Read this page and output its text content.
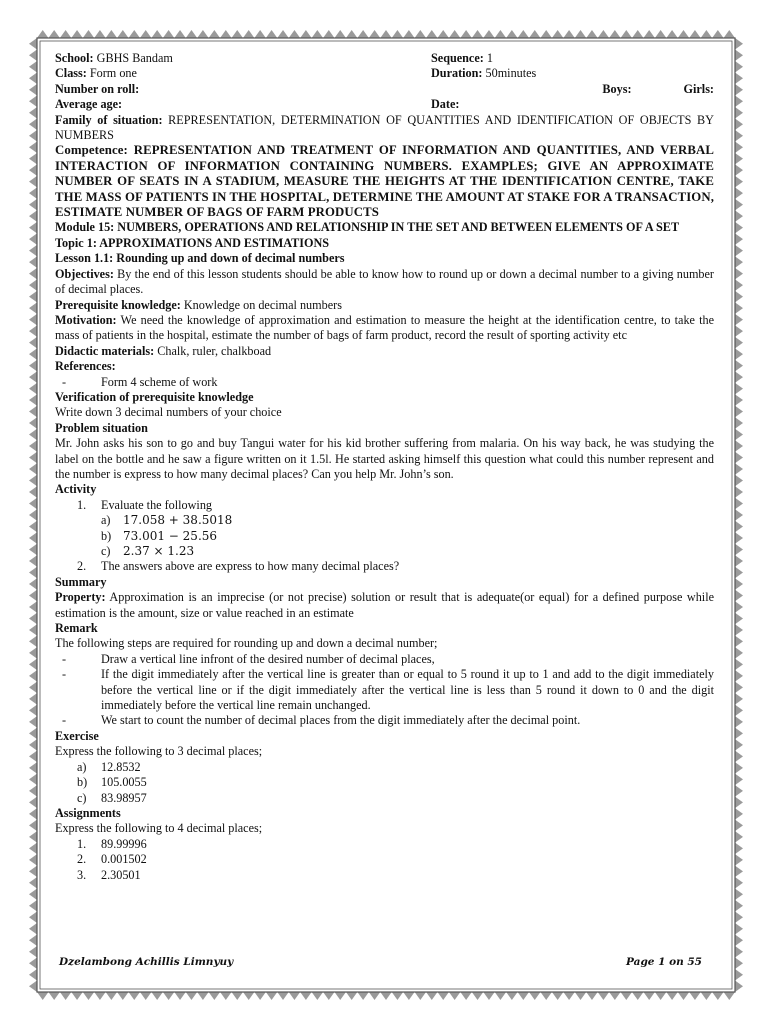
School: GBHS Bandam	Sequence: 1
Class: Form one	Duration: 50minutes
Number on roll:	Boys:	Girls:
Average age:	Date:

Family of situation: REPRESENTATION, DETERMINATION OF QUANTITIES AND IDENTIFICATION OF OBJECTS BY NUMBERS

Competence: REPRESENTATION AND TREATMENT OF INFORMATION AND QUANTITIES, AND VERBAL INTERACTION OF INFORMATION CONTAINING NUMBERS. EXAMPLES; GIVE AN APPROXIMATE NUMBER OF SEATS IN A STADIUM, MEASURE THE HEIGHTS AT THE IDENTIFICATION CENTRE, TAKE THE MASS OF PATIENTS IN THE HOSPITAL, DETERMINE THE AMOUNT AT STAKE FOR A TRANSACTION, ESTIMATE NUMBER OF BAGS OF FARM PRODUCTS

Module 15: NUMBERS, OPERATIONS AND RELATIONSHIP IN THE SET AND BETWEEN ELEMENTS OF A SET

Topic 1: APPROXIMATIONS AND ESTIMATIONS

Lesson 1.1: Rounding up and down of decimal numbers

Objectives: By the end of this lesson students should be able to know how to round up or down a decimal number to a giving number of decimal places.

Prerequisite knowledge: Knowledge on decimal numbers

Motivation: We need the knowledge of approximation and estimation to measure the height at the identification centre, to take the mass of patients in the hospital, estimate the number of bags of farm product, record the result of sporting activity etc

Didactic materials: Chalk, ruler, chalkboad

References:

-	Form 4 scheme of work

Verification of prerequisite knowledge

Write down 3 decimal numbers of your choice

Problem situation

Mr. John asks his son to go and buy Tangui water for his kid brother suffering from malaria. On his way back, he was studying the label on the bottle and he saw a figure written on it 1.5l. He started asking himself this question what could this number represent and the number is express to how many decimal places? Can you help Mr. John’s son.

Activity

1. Evaluate the following
a) 17.058 + 38.5018
b) 73.001 − 25.56
c) 2.37 × 1.23
2. The answers above are express to how many decimal places?

Summary

Property: Approximation is an imprecise (or not precise) solution or result that is adequate(or equal) for a defined purpose while estimation is the amount, size or value reached in an estimate

Remark

The following steps are required for rounding up and down a decimal number;

-	Draw a vertical line infront of the desired number of decimal places,
-	If the digit immediately after the vertical line is greater than or equal to 5 round it up to 1 and add to the digit immediately before the vertical line or if the digit immediately after the vertical line is less than 5 round it down to 0 and the digit immediately before the vertical line remain unchanged.
-	We start to count the number of decimal places from the digit immediately after the decimal point.

Exercise

Express the following to 3 decimal places;

a) 12.8532
b) 105.0055
c) 83.98957

Assignments

Express the following to 4 decimal places;

1. 89.99996
2. 0.001502
3. 2.30501
Dzelambong Achillis Limnyuy	Page 1 on 55
